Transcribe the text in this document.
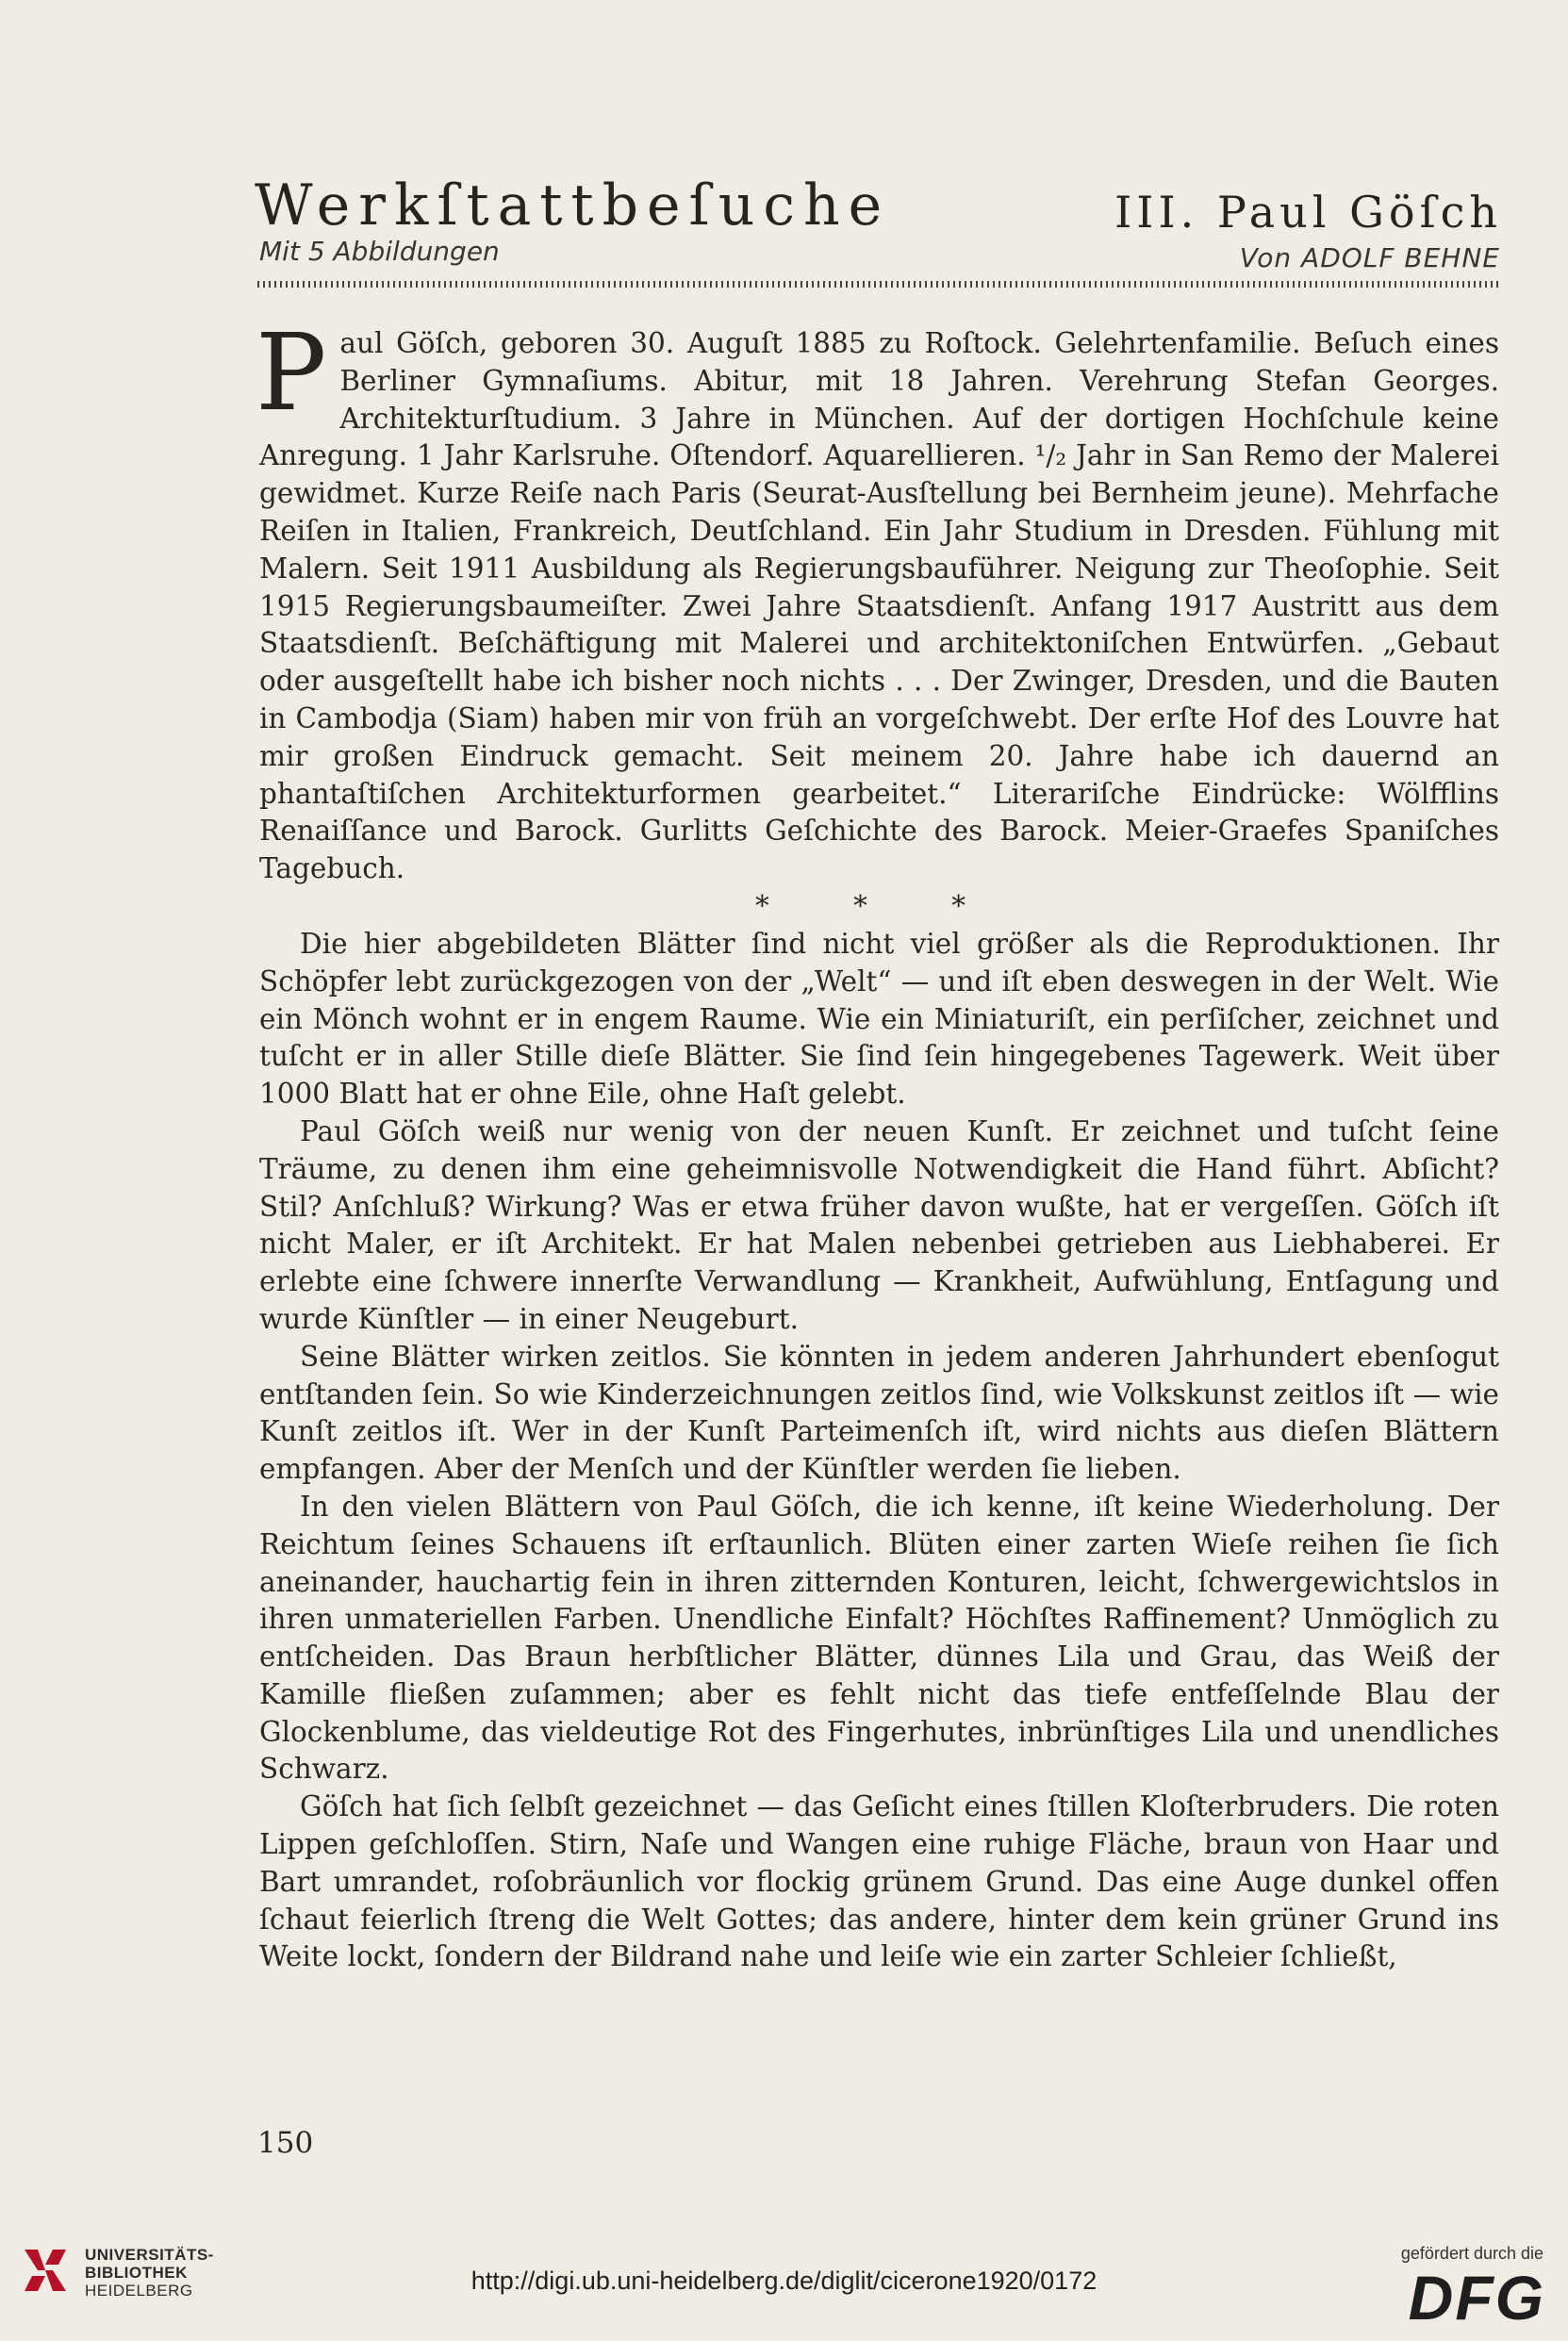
Werkſtattbeſuche	III. Paul Göſch
Mit 5 Abbildungen	Von ADOLF BEHNE

Paul Göſch, geboren 30. Auguſt 1885 zu Roſtock. Gelehrtenfamilie. Beſuch eines Berliner Gymnaſiums. Abitur, mit 18 Jahren. Verehrung Stefan Georges. Architekturſtudium. 3 Jahre in München. Auf der dortigen Hochſchule keine Anregung. 1 Jahr Karlsruhe. Oſtendorf. Aquarellieren. ¹/₂ Jahr in San Remo der Malerei gewidmet. Kurze Reiſe nach Paris (Seurat-Ausſtellung bei Bernheim jeune). Mehrfache Reiſen in Italien, Frankreich, Deutſchland. Ein Jahr Studium in Dresden. Fühlung mit Malern. Seit 1911 Ausbildung als Regierungsbauführer. Neigung zur Theoſophie. Seit 1915 Regierungsbaumeiſter. Zwei Jahre Staatsdienſt. Anfang 1917 Austritt aus dem Staatsdienſt. Beſchäftigung mit Malerei und architektoniſchen Entwürfen. „Gebaut oder ausgeſtellt habe ich bisher noch nichts . . . Der Zwinger, Dresden, und die Bauten in Cambodja (Siam) haben mir von früh an vorgeſchwebt. Der erſte Hof des Louvre hat mir großen Eindruck gemacht. Seit meinem 20. Jahre habe ich dauernd an phantaſtiſchen Architekturformen gearbeitet.“ Literariſche Eindrücke: Wölfflins Renaiſſance und Barock. Gurlitts Geſchichte des Barock. Meier-Graefes Spaniſches Tagebuch.

* * *

Die hier abgebildeten Blätter ſind nicht viel größer als die Reproduktionen. Ihr Schöpfer lebt zurückgezogen von der „Welt“ — und iſt eben deswegen in der Welt. Wie ein Mönch wohnt er in engem Raume. Wie ein Miniaturiſt, ein perſiſcher, zeichnet und tuſcht er in aller Stille dieſe Blätter. Sie ſind ſein hingegebenes Tagewerk. Weit über 1000 Blatt hat er ohne Eile, ohne Haſt gelebt.

Paul Göſch weiß nur wenig von der neuen Kunſt. Er zeichnet und tuſcht ſeine Träume, zu denen ihm eine geheimnisvolle Notwendigkeit die Hand führt. Abſicht? Stil? Anſchluß? Wirkung? Was er etwa früher davon wußte, hat er vergeſſen. Göſch iſt nicht Maler, er iſt Architekt. Er hat Malen nebenbei getrieben aus Liebhaberei. Er erlebte eine ſchwere innerſte Verwandlung — Krankheit, Aufwühlung, Entſagung und wurde Künſtler — in einer Neugeburt.

Seine Blätter wirken zeitlos. Sie könnten in jedem anderen Jahrhundert ebenſogut entſtanden ſein. So wie Kinderzeichnungen zeitlos ſind, wie Volkskunst zeitlos iſt — wie Kunſt zeitlos iſt. Wer in der Kunſt Parteimenſch iſt, wird nichts aus dieſen Blättern empfangen. Aber der Menſch und der Künſtler werden ſie lieben.

In den vielen Blättern von Paul Göſch, die ich kenne, iſt keine Wiederholung. Der Reichtum ſeines Schauens iſt erſtaunlich. Blüten einer zarten Wieſe reihen ſie ſich aneinander, hauchartig fein in ihren zitternden Konturen, leicht, ſchwergewichtslos in ihren unmateriellen Farben. Unendliche Einfalt? Höchſtes Raffinement? Unmöglich zu entſcheiden. Das Braun herbſtlicher Blätter, dünnes Lila und Grau, das Weiß der Kamille fließen zuſammen; aber es fehlt nicht das tiefe entfeſſelnde Blau der Glockenblume, das vieldeutige Rot des Fingerhutes, inbrünſtiges Lila und unendliches Schwarz.

Göſch hat ſich ſelbſt gezeichnet — das Geſicht eines ſtillen Kloſterbruders. Die roten Lippen geſchloſſen. Stirn, Naſe und Wangen eine ruhige Fläche, braun von Haar und Bart umrandet, roſobräunlich vor flockig grünem Grund. Das eine Auge dunkel offen ſchaut feierlich ſtreng die Welt Gottes; das andere, hinter dem kein grüner Grund ins Weite lockt, ſondern der Bildrand nahe und leiſe wie ein zarter Schleier ſchließt,

150
UNIVERSITÄTS-
BIBLIOTHEK
HEIDELBERG	http://digi.ub.uni-heidelberg.de/diglit/cicerone1920/0172
gefördert durch die
DFG
